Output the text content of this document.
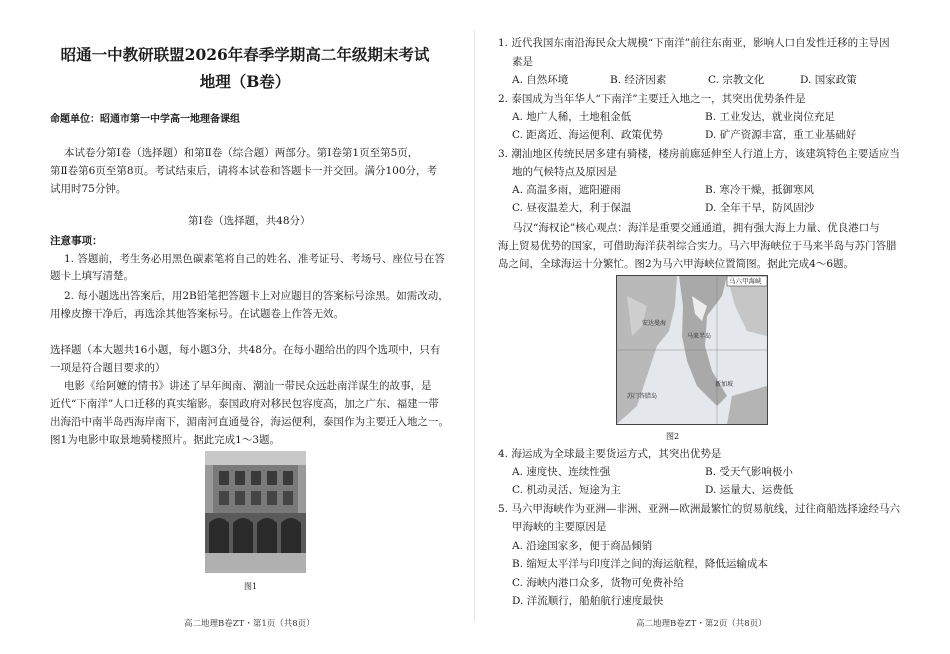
昭通一中教研联盟2026年春季学期高二年级期末考试
地理（B卷）
命题单位：昭通市第一中学高一地理备课组
本试卷分第Ⅰ卷（选择题）和第Ⅱ卷（综合题）两部分。第Ⅰ卷第1页至第5页，
第Ⅱ卷第6页至第8页。考试结束后，请将本试卷和答题卡一并交回。满分100分，考
试用时75分钟。
第Ⅰ卷（选择题，共48分）
注意事项：
1. 答题前，考生务必用黑色碳素笔将自己的姓名、准考证号、考场号、座位号在答
题卡上填写清楚。
2. 每小题选出答案后，用2B铅笔把答题卡上对应题目的答案标号涂黑。如需改动，
用橡皮擦干净后，再选涂其他答案标号。在试题卷上作答无效。
选择题（本大题共16小题，每小题3分，共48分。在每小题给出的四个选项中，只有
一项是符合题目要求的）
电影《给阿嬷的情书》讲述了早年闽南、潮汕一带民众远赴南洋谋生的故事，是
近代“下南洋”人口迁移的真实缩影。泰国政府对移民包容度高，加之广东、福建一带
出海沿中南半岛西海岸南下，湄南河直通曼谷，海运便利，泰国作为主要迁入地之一。
图1为电影中取景地骑楼照片。据此完成1～3题。
图1
高二地理B卷ZT・第1页（共8页）
1. 近代我国东南沿海民众大规模“下南洋”前往东南亚，影响人口自发性迁移的主导因
素是
A. 自然环境	B. 经济因素	C. 宗教文化	D. 国家政策
2. 泰国成为当年华人“下南洋”主要迁入地之一，其突出优势条件是
A. 地广人稀，土地租金低	B. 工业发达，就业岗位充足
C. 距离近、海运便利、政策优势	D. 矿产资源丰富，重工业基础好
3. 潮汕地区传统民居多建有骑楼，楼房前廊延伸至人行道上方，该建筑特色主要适应当
地的气候特点及原因是
A. 高温多雨，遮阳避雨	B. 寒冷干燥，抵御寒风
C. 昼夜温差大，利于保温	D. 全年干旱，防风固沙
马汉“海权论”核心观点：海洋是重要交通通道，拥有强大海上力量、优良港口与
海上贸易优势的国家，可借助海洋获취综合实力。马六甲海峡位于马来半岛与苏门答腊
岛之间，全球海运十分繁忙。图2为马六甲海峡位置简图。据此完成4～6题。
马六甲海峡
安达曼海
马来半岛
苏门答腊岛
新加坡
图2
4. 海运成为全球最主要货运方式，其突出优势是
A. 速度快、连续性强	B. 受天气影响极小
C. 机动灵活、短途为主	D. 运量大、运费低
5. 马六甲海峡作为亚洲—非洲、亚洲—欧洲最繁忙的贸易航线，过往商船选择途经马六
甲海峡的主要原因是
A. 沿途国家多，便于商品倾销
B. 缩短太平洋与印度洋之间的海运航程，降低运输成本
C. 海峡内港口众多，货物可免费补给
D. 洋流顺行，船舶航行速度最快
高二地理B卷ZT・第2页（共8页）
